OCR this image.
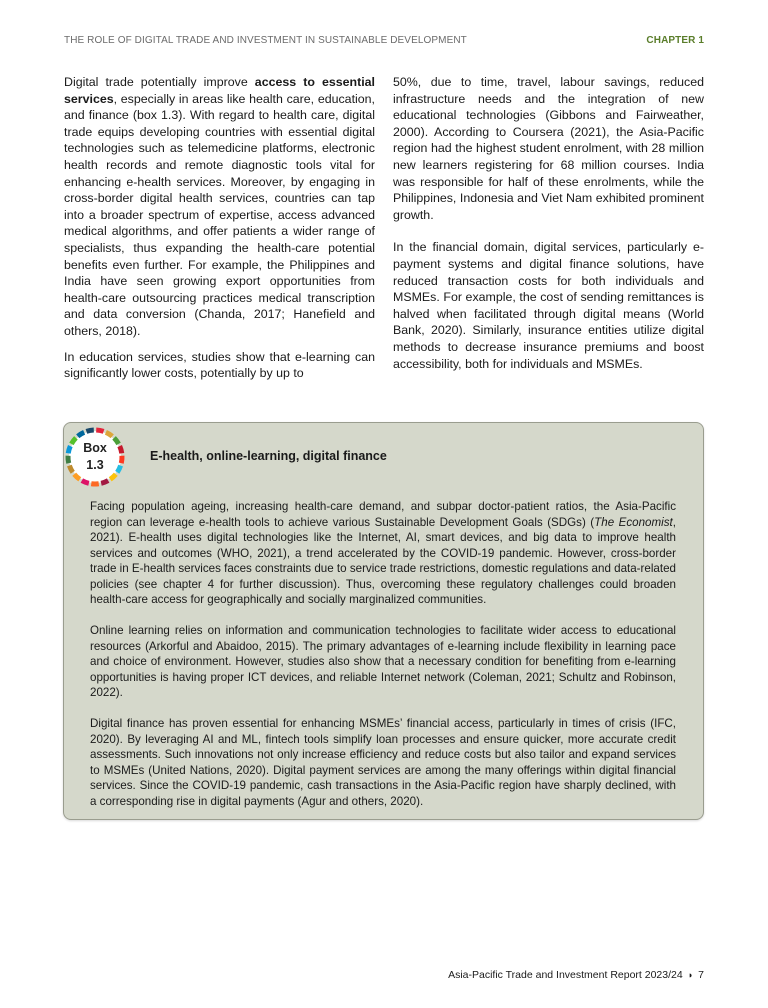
THE ROLE OF DIGITAL TRADE AND INVESTMENT IN SUSTAINABLE DEVELOPMENT	CHAPTER 1

Digital trade potentially improve access to essential services, especially in areas like health care, education, and finance (box 1.3). With regard to health care, digital trade equips developing countries with essential digital technologies such as telemedicine platforms, electronic health records and remote diagnostic tools vital for enhancing e-health services. Moreover, by engaging in cross-border digital health services, countries can tap into a broader spectrum of expertise, access advanced medical algorithms, and offer patients a wider range of specialists, thus expanding the health-care potential benefits even further. For example, the Philippines and India have seen growing export opportunities from health-care outsourcing practices medical transcription and data conversion (Chanda, 2017; Hanefield and others, 2018).

In education services, studies show that e-learning can significantly lower costs, potentially by up to

50%, due to time, travel, labour savings, reduced infrastructure needs and the integration of new educational technologies (Gibbons and Fairweather, 2000). According to Coursera (2021), the Asia-Pacific region had the highest student enrolment, with 28 million new learners registering for 68 million courses. India was responsible for half of these enrolments, while the Philippines, Indonesia and Viet Nam exhibited prominent growth.

In the financial domain, digital services, particularly e-payment systems and digital finance solutions, have reduced transaction costs for both individuals and MSMEs. For example, the cost of sending remittances is halved when facilitated through digital means (World Bank, 2020). Similarly, insurance entities utilize digital methods to decrease insurance premiums and boost accessibility, both for individuals and MSMEs.

Box
1.3
E-health, online-learning, digital finance

Facing population ageing, increasing health-care demand, and subpar doctor-patient ratios, the Asia-Pacific region can leverage e-health tools to achieve various Sustainable Development Goals (SDGs) (The Economist, 2021). E-health uses digital technologies like the Internet, AI, smart devices, and big data to improve health services and outcomes (WHO, 2021), a trend accelerated by the COVID-19 pandemic. However, cross-border trade in E-health services faces constraints due to service trade restrictions, domestic regulations and data-related policies (see chapter 4 for further discussion). Thus, overcoming these regulatory challenges could broaden health-care access for geographically and socially marginalized communities.

Online learning relies on information and communication technologies to facilitate wider access to educational resources (Arkorful and Abaidoo, 2015). The primary advantages of e-learning include flexibility in learning pace and choice of environment. However, studies also show that a necessary condition for benefiting from e-learning opportunities is having proper ICT devices, and reliable Internet network (Coleman, 2021; Schultz and Robinson, 2022).

Digital finance has proven essential for enhancing MSMEs’ financial access, particularly in times of crisis (IFC, 2020). By leveraging AI and ML, fintech tools simplify loan processes and ensure quicker, more accurate credit assessments. Such innovations not only increase efficiency and reduce costs but also tailor and expand services to MSMEs (United Nations, 2020). Digital payment services are among the many offerings within digital financial services. Since the COVID-19 pandemic, cash transactions in the Asia-Pacific region have sharply declined, with a corresponding rise in digital payments (Agur and others, 2020).

Asia-Pacific Trade and Investment Report 2023/24 ◗ 7
